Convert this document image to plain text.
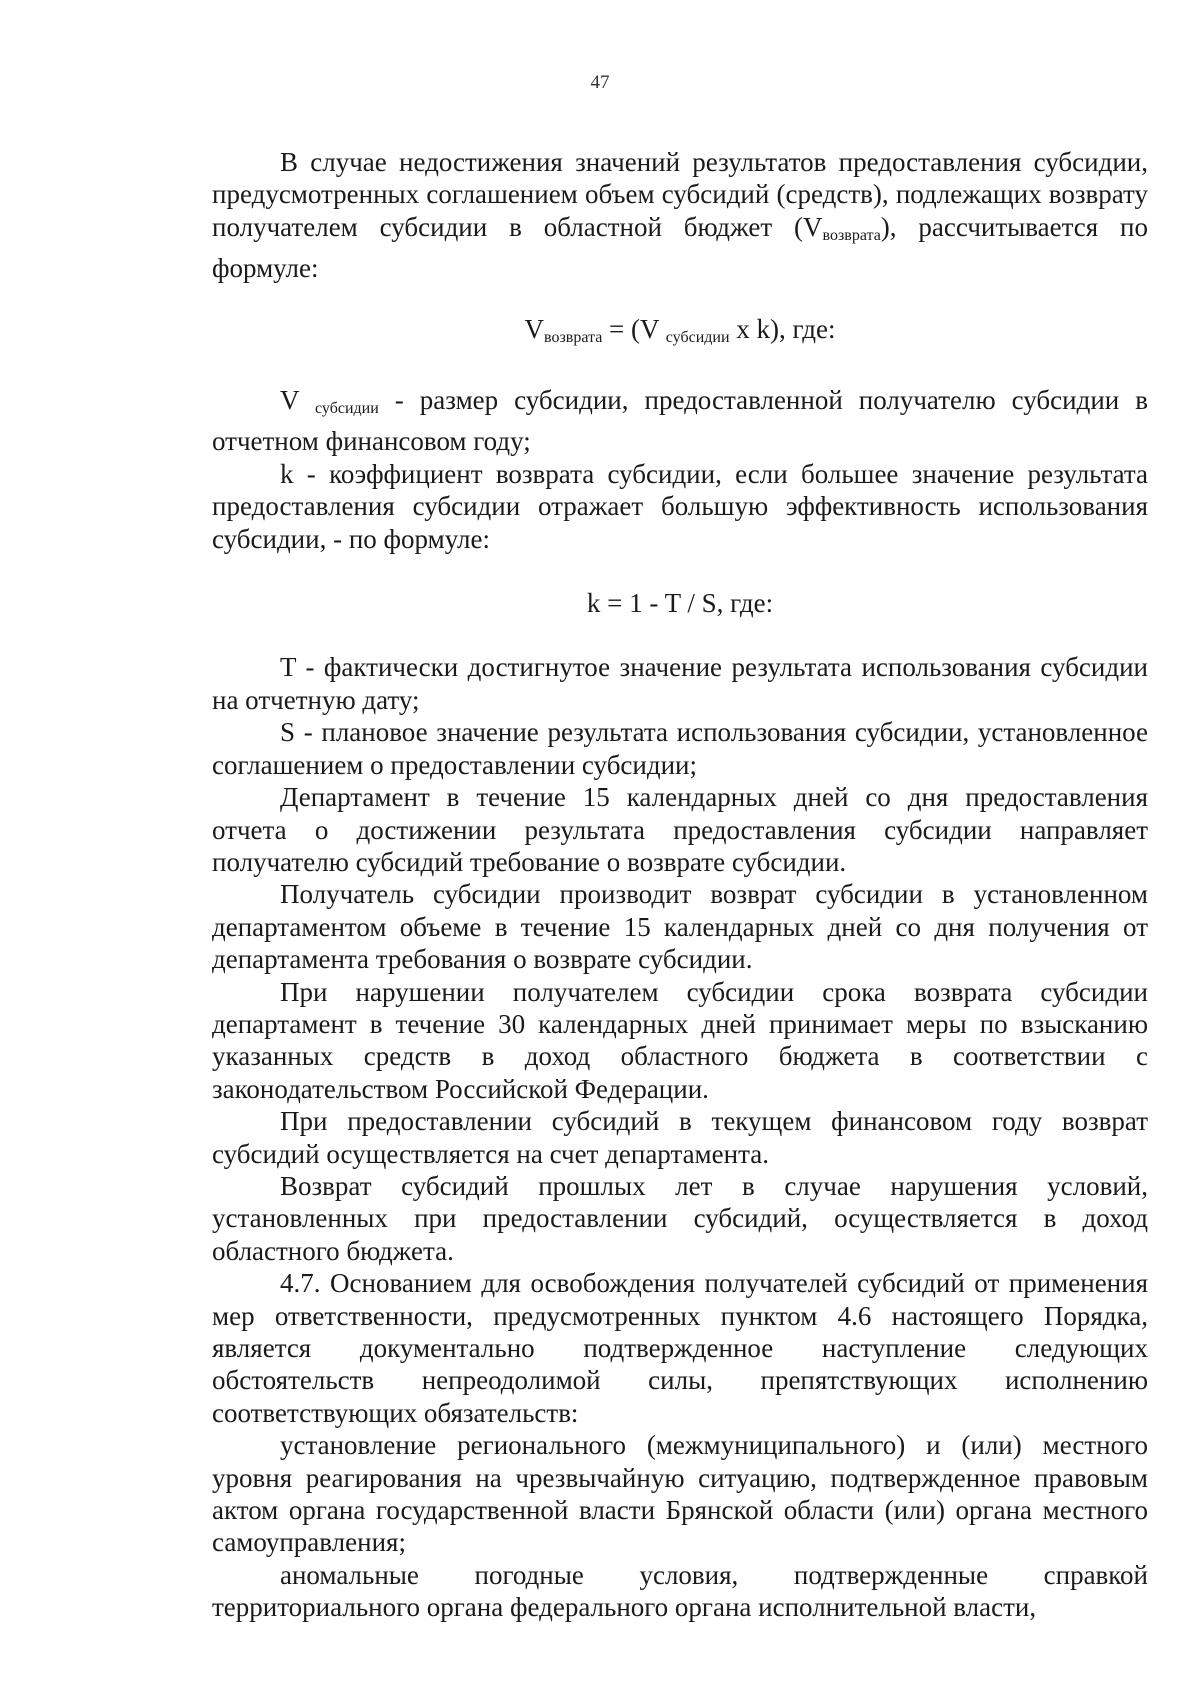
47

В случае недостижения значений результатов предоставления субсидии, предусмотренных соглашением объем субсидий (средств), подлежащих возврату получателем субсидии в областной бюджет $(V_{возврата})$, рассчитывается по формуле:

$V_{возврата} = (V$ $_{субсидии}$ x k), где:

V $_{субсидии}$ - размер субсидии, предоставленной получателю субсидии в отчетном финансовом году;

k - коэффициент возврата субсидии, если большее значение результата предоставления субсидии отражает большую эффективность использования субсидии, - по формуле:

k = 1 - T / S, где:

T - фактически достигнутое значение результата использования субсидии на отчетную дату;

S - плановое значение результата использования субсидии, установленное соглашением о предоставлении субсидии;

Департамент в течение 15 календарных дней со дня предоставления отчета о достижении результата предоставления субсидии направляет получателю субсидий требование о возврате субсидии.

Получатель субсидии производит возврат субсидии в установленном департаментом объеме в течение 15 календарных дней со дня получения от департамента требования о возврате субсидии.

При нарушении получателем субсидии срока возврата субсидии департамент в течение 30 календарных дней принимает меры по взысканию указанных средств в доход областного бюджета в соответствии с законодательством Российской Федерации.

При предоставлении субсидий в текущем финансовом году возврат субсидий осуществляется на счет департамента.

Возврат субсидий прошлых лет в случае нарушения условий, установленных при предоставлении субсидий, осуществляется в доход областного бюджета.

4.7. Основанием для освобождения получателей субсидий от применения мер ответственности, предусмотренных пунктом 4.6 настоящего Порядка, является документально подтвержденное наступление следующих обстоятельств непреодолимой силы, препятствующих исполнению соответствующих обязательств:

установление регионального (межмуниципального) и (или) местного уровня реагирования на чрезвычайную ситуацию, подтвержденное правовым актом органа государственной власти Брянской области (или) органа местного самоуправления;

аномальные погодные условия, подтвержденные справкой территориального органа федерального органа исполнительной власти,
